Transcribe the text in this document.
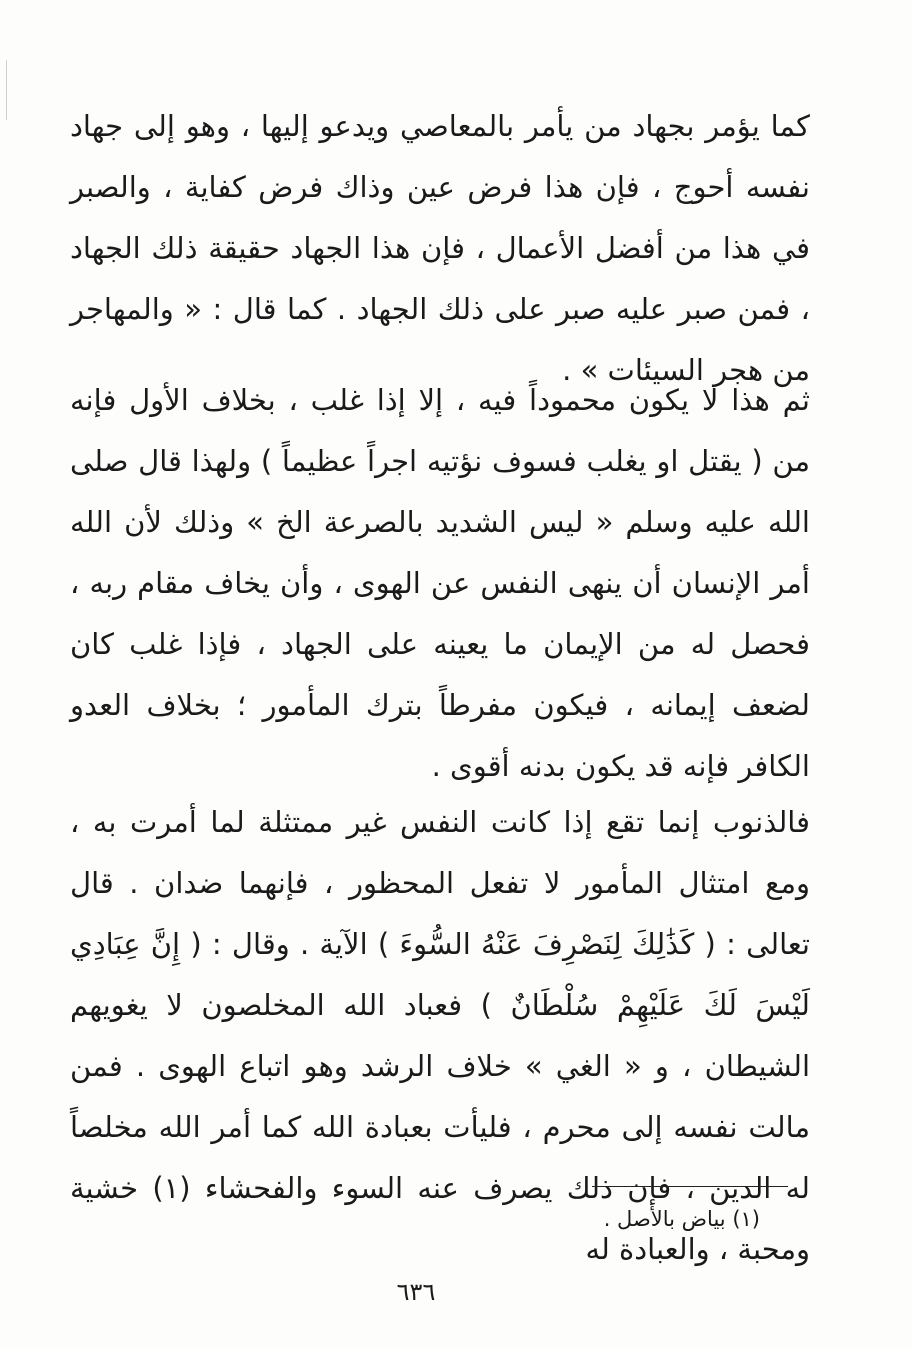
كما يؤمر بجهاد من يأمر بالمعاصي ويدعو إليها ، وهو إلى جهاد نفسه أحوج ، فإن هذا فرض عين وذاك فرض كفاية ، والصبر في هذا من أفضل الأعمال ، فإن هذا الجهاد حقيقة ذلك الجهاد ، فمن صبر عليه صبر على ذلك الجهاد . كما قال : « والمهاجر من هجر السيئات » .

ثم هذا لا يكون محموداً فيه ، إلا إذا غلب ، بخلاف الأول فإنه من ( يقتل او يغلب فسوف نؤتيه اجراً عظيماً ) ولهذا قال صلى الله عليه وسلم « ليس الشديد بالصرعة الخ » وذلك لأن الله أمر الإنسان أن ينهى النفس عن الهوى ، وأن يخاف مقام ربه ، فحصل له من الإيمان ما يعينه على الجهاد ، فإذا غلب كان لضعف إيمانه ، فيكون مفرطاً بترك المأمور ؛ بخلاف العدو الكافر فإنه قد يكون بدنه أقوى .

فالذنوب إنما تقع إذا كانت النفس غير ممتثلة لما أمرت به ، ومع امتثال المأمور لا تفعل المحظور ، فإنهما ضدان . قال تعالى : ( كَذَٰلِكَ لِنَصْرِفَ عَنْهُ السُّوءَ ) الآية . وقال : ( إِنَّ عِبَادِي لَيْسَ لَكَ عَلَيْهِمْ سُلْطَانٌ ) فعباد الله المخلصون لا يغويهم الشيطان ، و « الغي » خلاف الرشد وهو اتباع الهوى . فمن مالت نفسه إلى محرم ، فليأت بعبادة الله كما أمر الله مخلصاً له الدين ، فإن ذلك يصرف عنه السوء والفحشاء (١) خشية ومحبة ، والعبادة له

(١) بياض بالأصل .
٦٣٦
